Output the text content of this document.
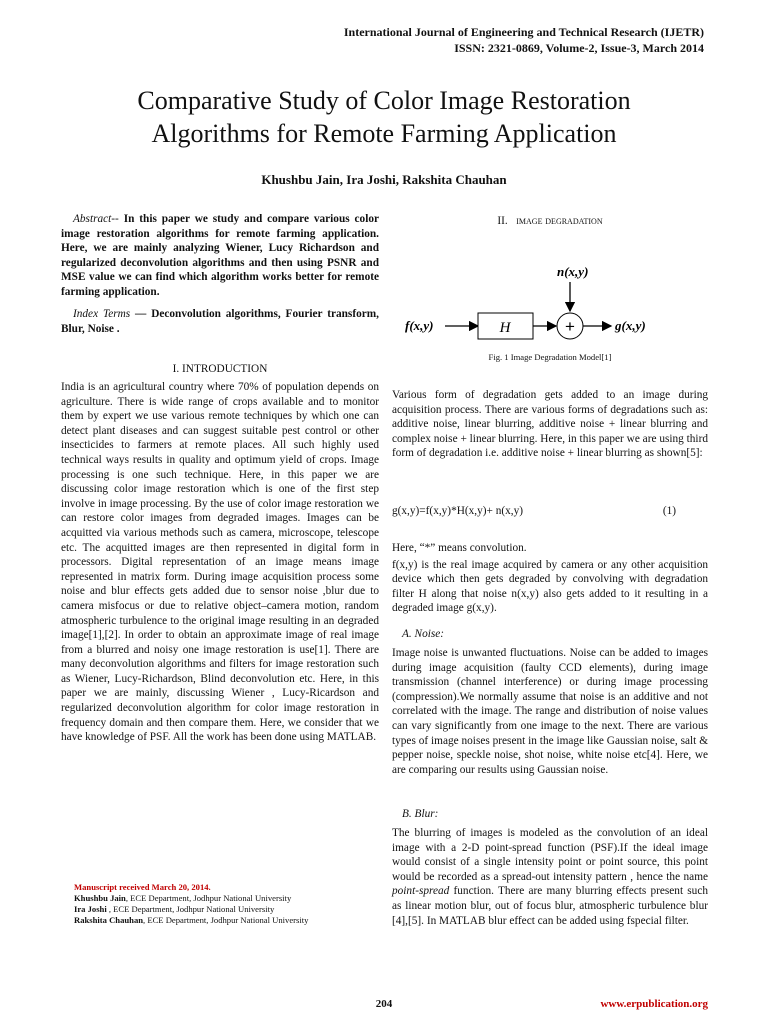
International Journal of Engineering and Technical Research (IJETR)
ISSN: 2321-0869, Volume-2, Issue-3, March 2014
Comparative Study of Color Image Restoration
Algorithms for Remote Farming Application
Khushbu Jain, Ira Joshi, Rakshita Chauhan

Abstract-- In this paper we study and compare various color image restoration algorithms for remote farming application. Here, we are mainly analyzing Wiener, Lucy Richardson and regularized deconvolution algorithms and then using PSNR and MSE value we can find which algorithm works better for remote farming application.

Index Terms — Deconvolution algorithms, Fourier transform, Blur, Noise .

I. INTRODUCTION

India is an agricultural country where 70% of population depends on agriculture. There is wide range of crops available and to monitor them by expert we use various remote techniques by which one can detect plant diseases and can suggest suitable pest control or other insecticides to farmers at remote places. All such highly used technical ways results in quality and optimum yield of crops. Image processing is one such technique. Here, in this paper we are discussing color image restoration which is one of the first step involve in image processing. By the use of color image restoration we can restore color images from degraded images. Images can be acquitted via various methods such as camera, microscope, telescope etc. The acquitted images are then represented in digital form in processors. Digital representation of an image means image represented in matrix form. During image acquisition process some noise and blur effects gets added due to sensor noise ,blur due to camera misfocus or due to relative object–camera motion, random atmospheric turbulence to the original image resulting in an degraded image[1],[2]. In order to obtain an approximate image of real image from a blurred and noisy one image restoration is use[1]. There are many deconvolution algorithms and filters for image restoration such as Wiener, Lucy-Richardson, Blind deconvolution etc. Here, in this paper we are mainly, discussing Wiener , Lucy-Ricardson and regularized deconvolution algorithm for color image restoration in frequency domain and then compare them. Here, we consider that we have knowledge of PSF. All the work has been done using MATLAB.

Manuscript received March 20, 2014.
Khushbu Jain, ECE Department, Jodhpur National University
Ira Joshi , ECE Department, Jodhpur National University
Rakshita Chauhan, ECE Department, Jodhpur National University
II. image degradation
n(x,y)
f(x,y)	H	+	g(x,y)
Fig. 1 Image Degradation Model[1]

Various form of degradation gets added to an image during acquisition process. There are various forms of degradations such as: additive noise, linear blurring, additive noise + linear blurring and complex noise + linear blurring. Here, in this paper we are using third form of degradation i.e. additive noise + linear blurring as shown[5]:

g(x,y)=f(x,y)*H(x,y)+ n(x,y)	(1)
Here, “*” means convolution.

f(x,y) is the real image acquired by camera or any other acquisition device which then gets degraded by convolving with degradation filter H along that noise n(x,y) also gets added to it resulting in a degraded image g(x,y).

A. Noise:

Image noise is unwanted fluctuations. Noise can be added to images during image acquisition (faulty CCD elements), during image transmission (channel interference) or during image processing (compression).We normally assume that noise is an additive and not correlated with the image. The range and distribution of noise values can vary significantly from one image to the next. There are various types of image noises present in the image like Gaussian noise, salt & pepper noise, speckle noise, shot noise, white noise etc[4]. Here, we are comparing our results using Gaussian noise.

B. Blur:

The blurring of images is modeled as the convolution of an ideal image with a 2-D point-spread function (PSF).If the ideal image would consist of a single intensity point or point source, this point would be recorded as a spread-out intensity pattern , hence the name point-spread function. There are many blurring effects present such as linear motion blur, out of focus blur, atmospheric turbulence blur [4],[5]. In MATLAB blur effect can be added using fspecial filter.

204	www.erpublication.org
